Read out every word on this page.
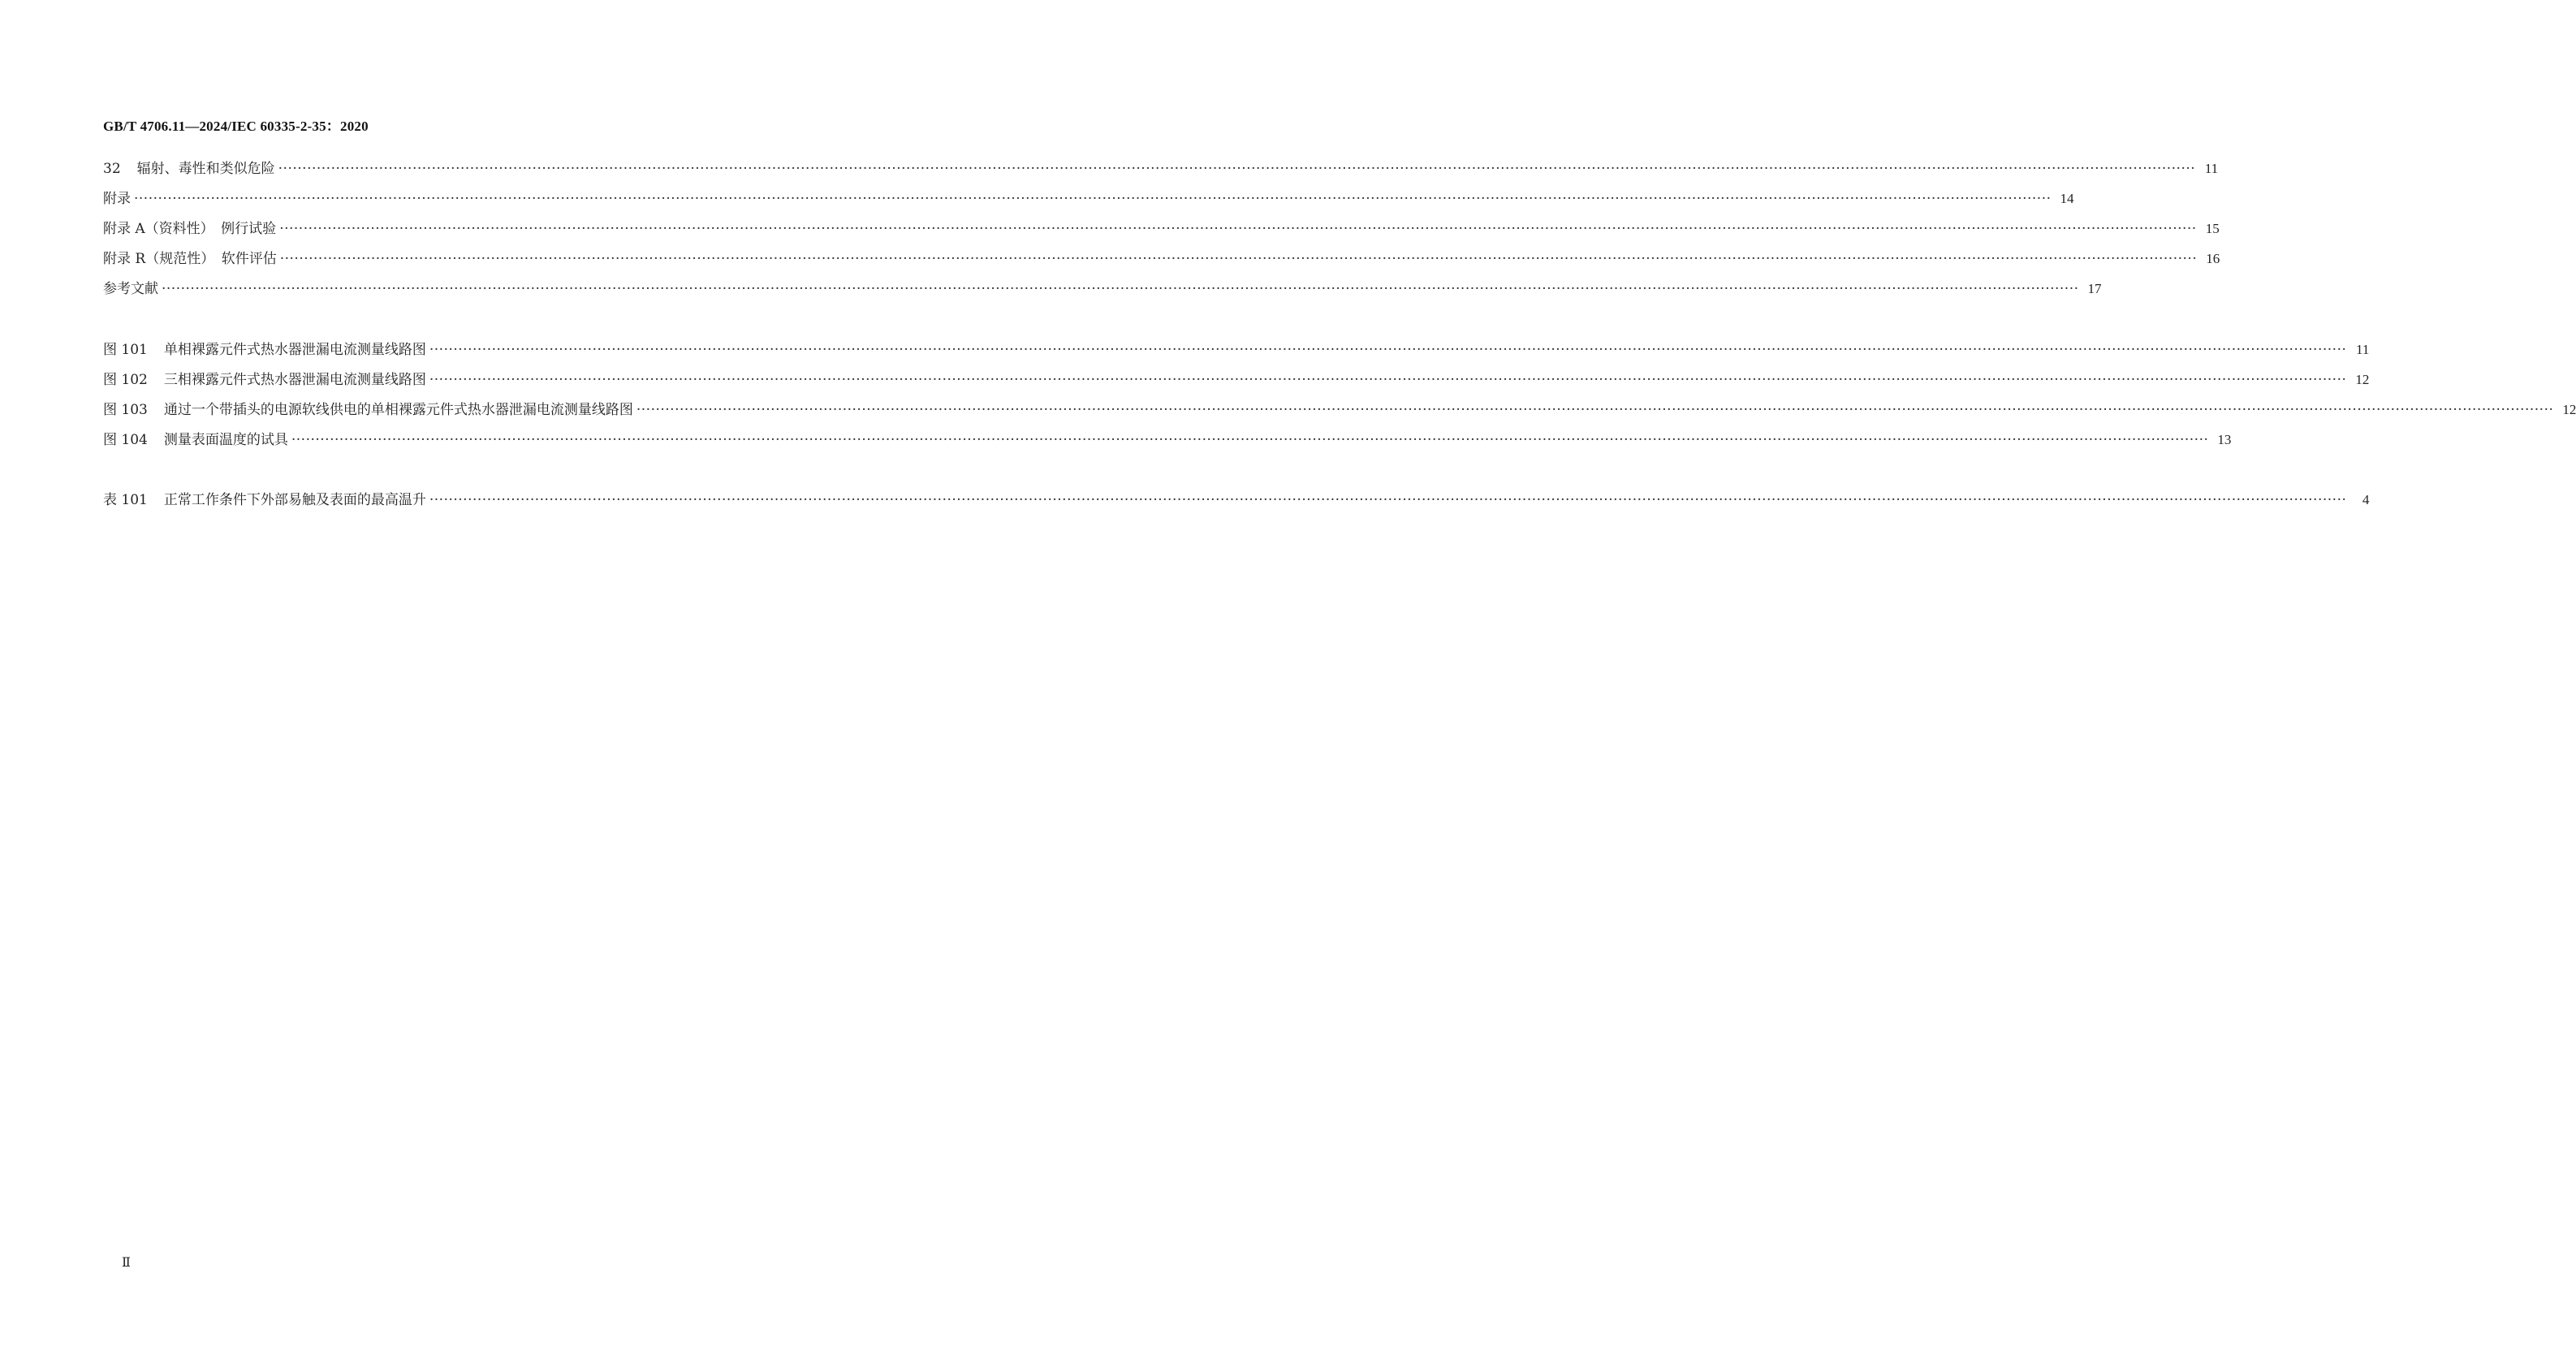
GB/T 4706.11—2024/IEC 60335-2-35：2020
32 辐射、毒性和类似危险 ················································································································································································································································································································································································································ 11
附录 ················································································································································································································································································································································································································ 14
附录 A（资料性）　例行试验 ················································································································································································································································································································································································································ 15
附录 R（规范性）　软件评估 ················································································································································································································································································································································································································ 16
参考文献 ················································································································································································································································································································································································································ 17
图 101 单相裸露元件式热水器泄漏电流测量线路图 ················································································································································································································································································································································································································ 11
图 102 三相裸露元件式热水器泄漏电流测量线路图 ················································································································································································································································································································································································································ 12
图 103 通过一个带插头的电源软线供电的单相裸露元件式热水器泄漏电流测量线路图 ················································································································································································································································································································································································································ 12
图 104 测量表面温度的试具 ················································································································································································································································································································································································································ 13
表 101 正常工作条件下外部易触及表面的最高温升 ················································································································································································································································································································································································································	4
Ⅱ
